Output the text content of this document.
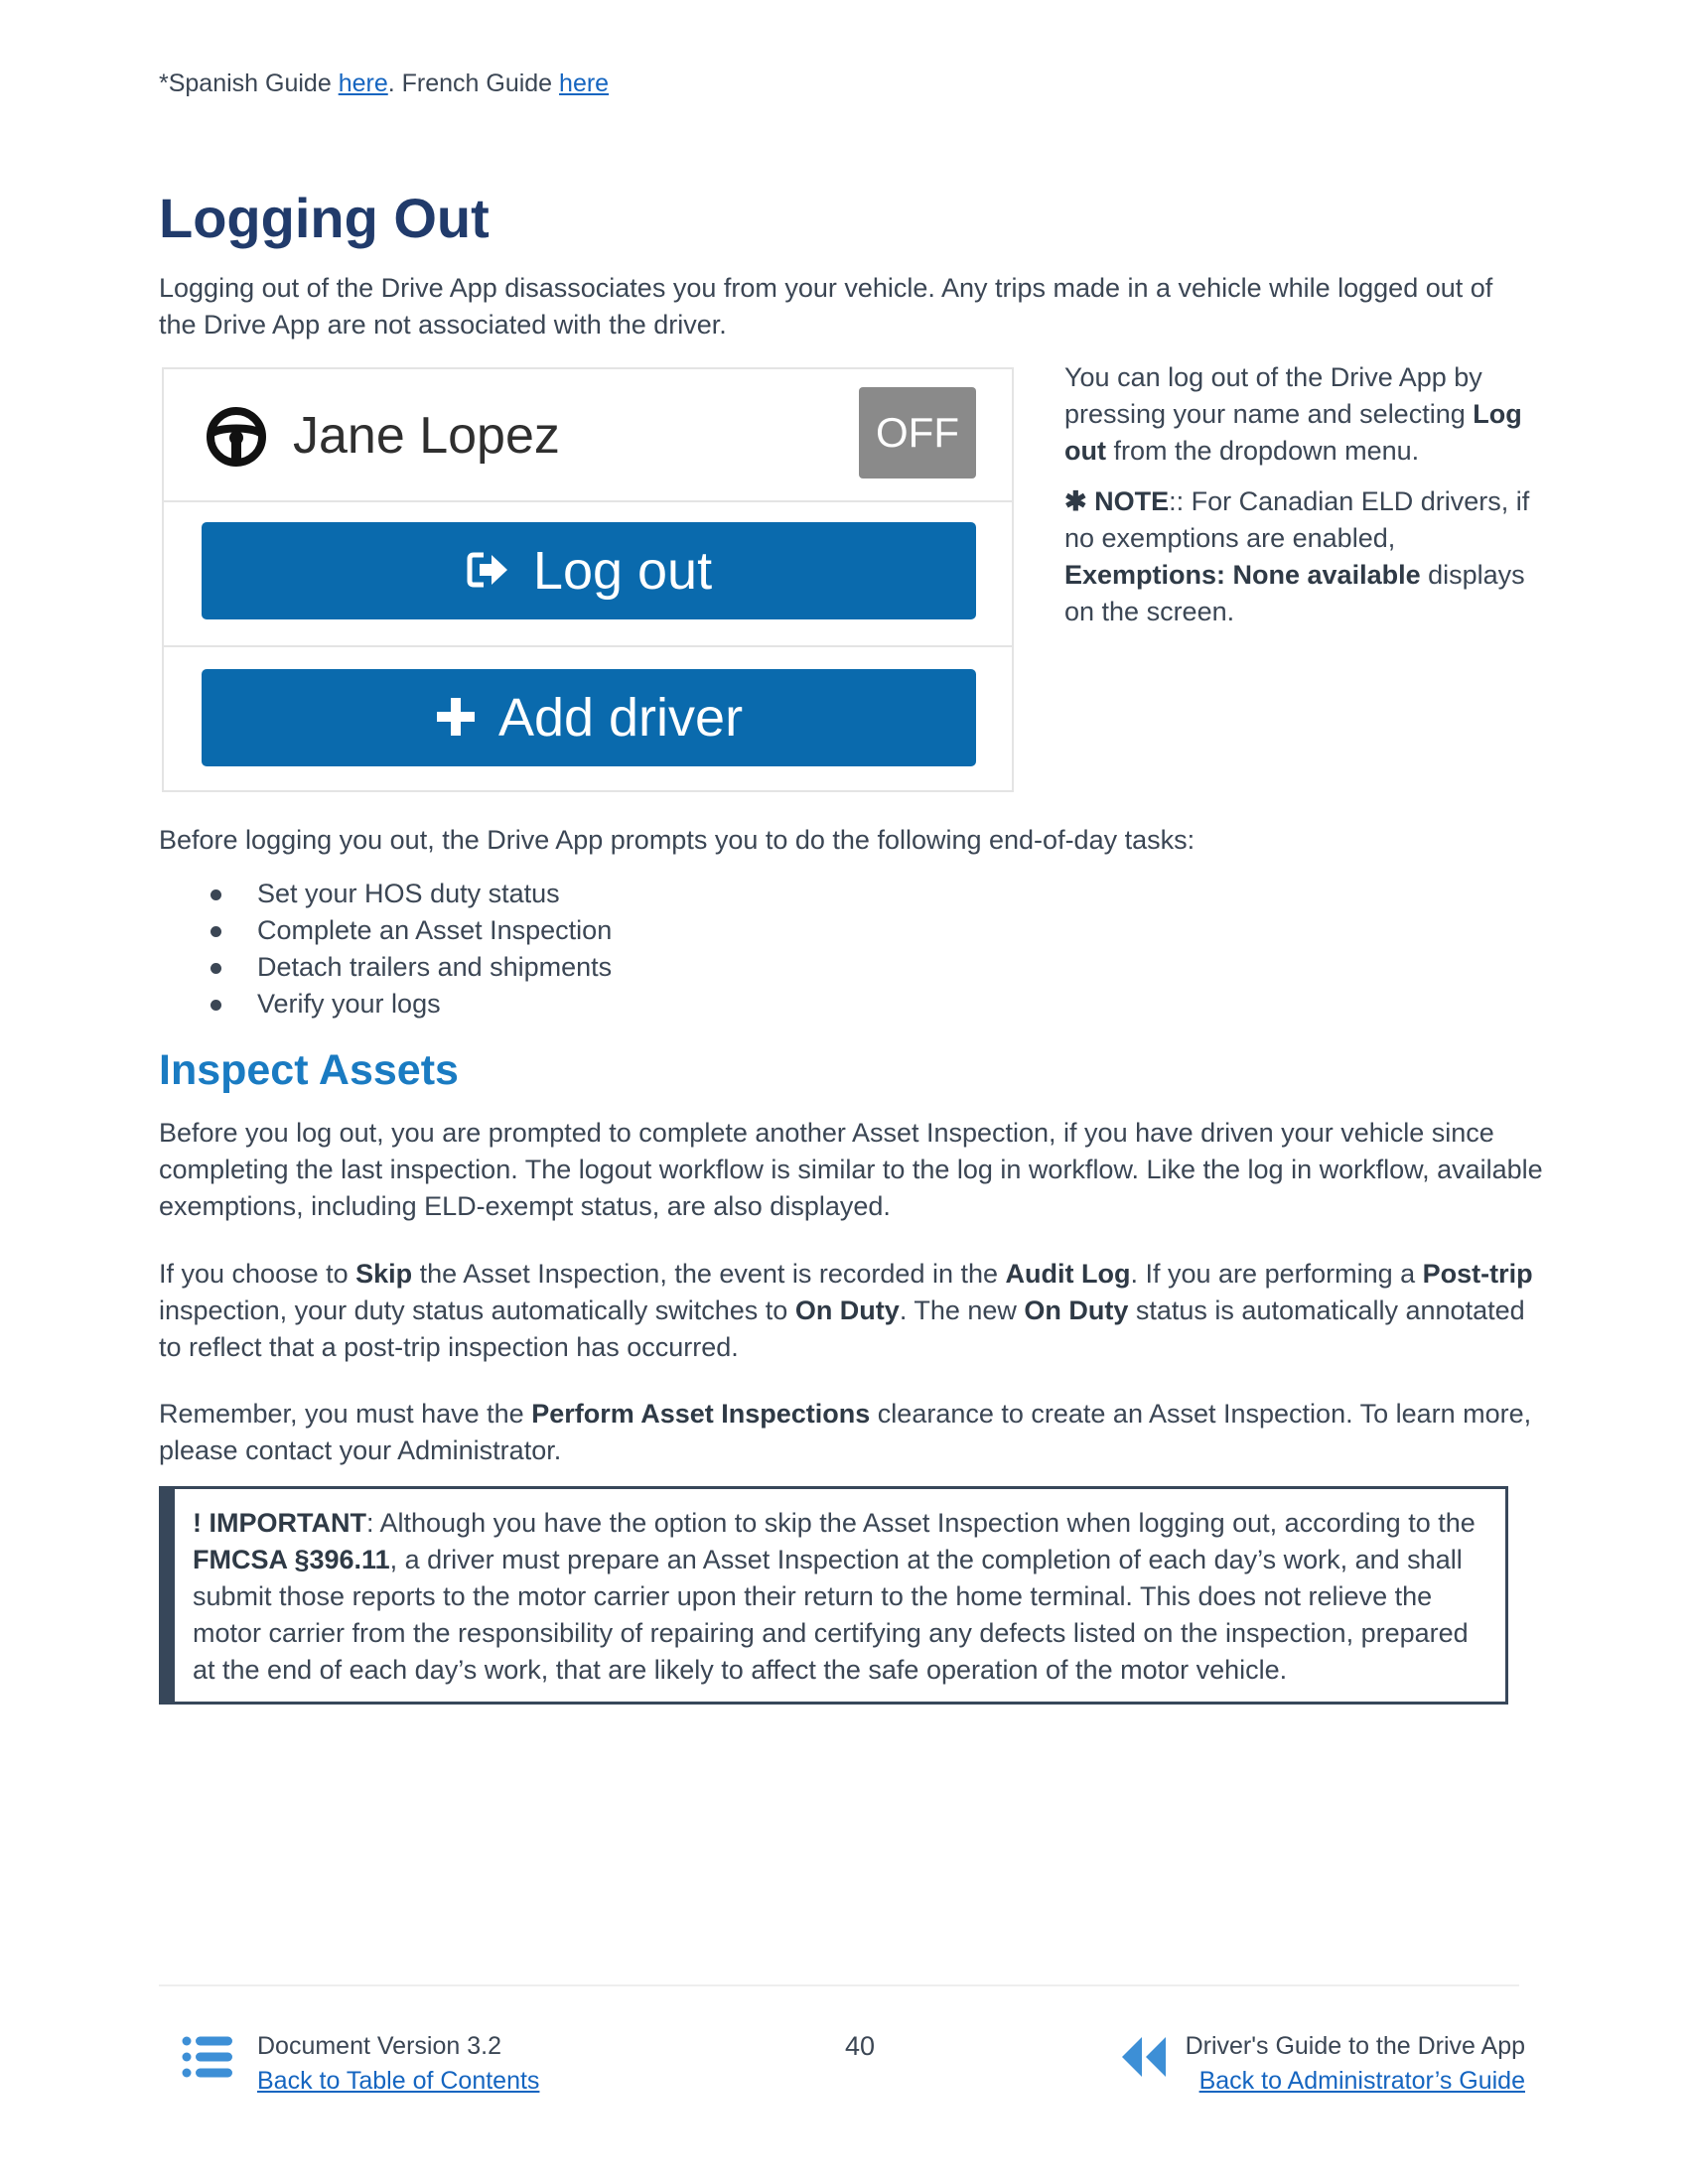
*Spanish Guide here. French Guide here
Logging Out

Logging out of the Drive App disassociates you from your vehicle. Any trips made in a vehicle while logged out of the Drive App are not associated with the driver.

Jane Lopez	OFF
Log out
Add driver

You can log out of the Drive App by pressing your name and selecting Log out from the dropdown menu.

✱ NOTE:: For Canadian ELD drivers, if no exemptions are enabled, Exemptions: None available displays on the screen.

Before logging you out, the Drive App prompts you to do the following end-of-day tasks:

Set your HOS duty status
Complete an Asset Inspection
Detach trailers and shipments
Verify your logs
Inspect Assets

Before you log out, you are prompted to complete another Asset Inspection, if you have driven your vehicle since completing the last inspection. The logout workflow is similar to the log in workflow. Like the log in workflow, available exemptions, including ELD-exempt status, are also displayed.

If you choose to Skip the Asset Inspection, the event is recorded in the Audit Log. If you are performing a Post-trip inspection, your duty status automatically switches to On Duty. The new On Duty status is automatically annotated to reflect that a post-trip inspection has occurred.

Remember, you must have the Perform Asset Inspections clearance to create an Asset Inspection. To learn more, please contact your Administrator.

! IMPORTANT: Although you have the option to skip the Asset Inspection when logging out, according to the FMCSA §396.11, a driver must prepare an Asset Inspection at the completion of each day’s work, and shall submit those reports to the motor carrier upon their return to the home terminal. This does not relieve the motor carrier from the responsibility of repairing and certifying any defects listed on the inspection, prepared at the end of each day’s work, that are likely to affect the safe operation of the motor vehicle.

Document Version 3.2
Back to Table of Contents
40	Driver's Guide to the Drive App
Back to Administrator’s Guide
